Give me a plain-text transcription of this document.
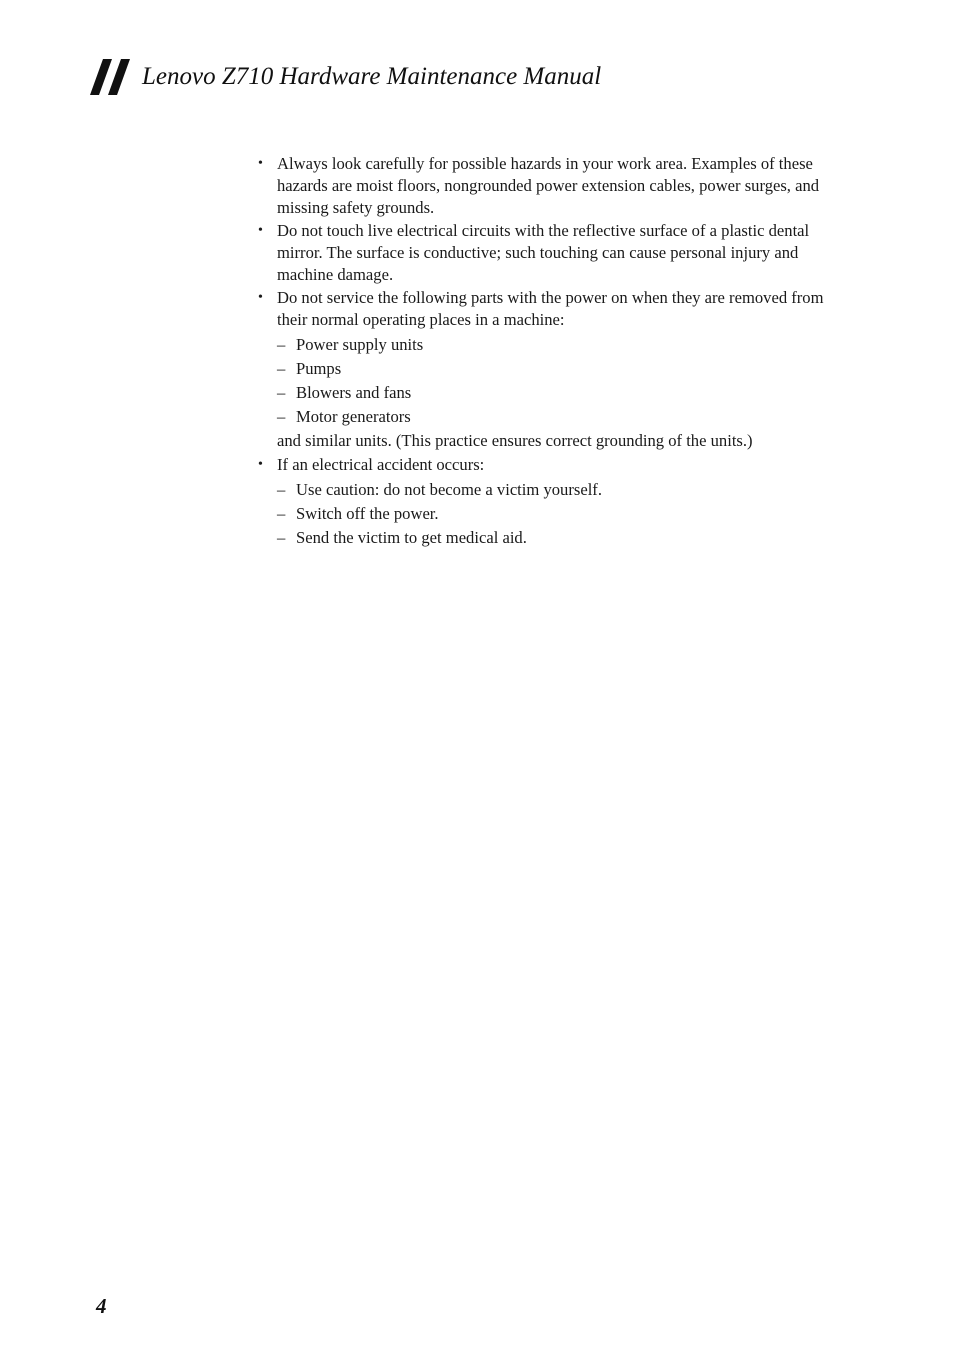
Lenovo Z710 Hardware Maintenance Manual
• Always look carefully for possible hazards in your work area. Examples of these hazards are moist floors, nongrounded power extension cables, power surges, and missing safety grounds.
• Do not touch live electrical circuits with the reflective surface of a plastic dental mirror. The surface is conductive; such touching can cause personal injury and machine damage.
• Do not service the following parts with the power on when they are removed from their normal operating places in a machine:
– Power supply units
– Pumps
– Blowers and fans
– Motor generators
and similar units. (This practice ensures correct grounding of the units.)
• If an electrical accident occurs:
– Use caution: do not become a victim yourself.
– Switch off the power.
– Send the victim to get medical aid.
4
